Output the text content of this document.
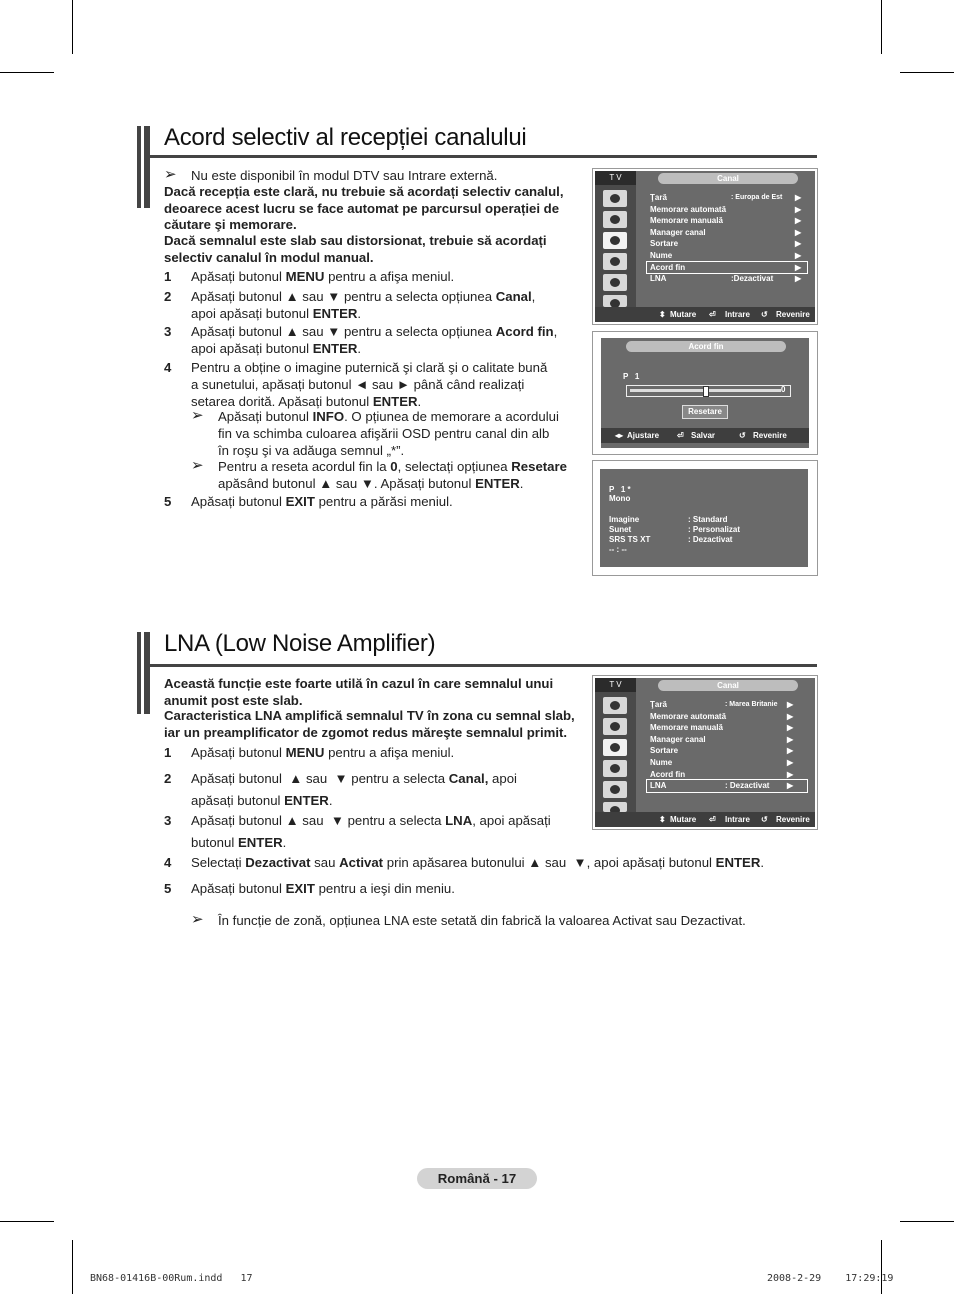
Acord selectiv al recepției canalului
➢ Nu este disponibil în modul DTV sau Intrare externă.
Dacă recepția este clară, nu trebuie să acordați selectiv canalul, deoarece acest lucru se face automat pe parcursul operației de căutare şi memorare.
Dacă semnalul este slab sau distorsionat, trebuie să acordați selectiv canalul în modul manual.
1 Apăsați butonul MENU pentru a afişa meniul.
2 Apăsați butonul ▲ sau ▼ pentru a selecta opțiunea Canal,
apoi apăsați butonul ENTER.
3 Apăsați butonul ▲ sau ▼ pentru a selecta opțiunea Acord fin,
apoi apăsați butonul ENTER.
4 Pentru a obține o imagine puternică şi clară şi o calitate bună
a sunetului, apăsați butonul ◄ sau ► până când realizați
setarea dorită. Apăsați butonul ENTER.
➢ Apăsați butonul INFO. O pțiunea de memorare a acordului
fin va schimba culoarea afişării OSD pentru canal din alb
în roşu şi va adăuga semnul „*”.
➢ Pentru a reseta acordul fin la 0, selectați opțiunea Resetare
apăsând butonul ▲ sau ▼. Apăsați butonul ENTER.
5 Apăsați butonul EXIT pentru a părăsi meniul.
T V	Canal
⬍ Mutare ⏎ Intrare ↺ Revenire
Ţară	: Europa de Est ▶
Memorare automată	▶
Memorare manuală	▶
Manager canal	▶
Sortare	▶
Nume	▶
Acord fin	▶
LNA	:Dezactivat	▶
Acord fin
P   1
0
Resetare
◂▸ Ajustare ⏎ Salvar	↺ Revenire
P   1 *
Mono
-- : --
Imagine	: Standard
Sunet	: Personalizat
SRS TS XT	: Dezactivat
LNA (Low Noise Amplifier)
Această funcție este foarte utilă în cazul în care semnalul unui anumit post este slab.
Caracteristica LNA amplifică semnalul TV în zona cu semnal slab, iar un preamplificator de zgomot redus măreşte semnalul primit.
1 Apăsați butonul MENU pentru a afişa meniul.
2 Apăsați butonul  ▲ sau  ▼ pentru a selecta Canal, apoi
apăsați butonul ENTER.
3 Apăsați butonul ▲ sau  ▼ pentru a selecta LNA, apoi apăsați
butonul ENTER.
4 Selectați Dezactivat sau Activat prin apăsarea butonului ▲ sau  ▼, apoi apăsați butonul ENTER.
5 Apăsați butonul EXIT pentru a ieşi din meniu.
➢ În funcție de zonă, opțiunea LNA este setată din fabrică la valoarea Activat sau Dezactivat.
T V	Canal
⬍ Mutare ⏎ Intrare ↺ Revenire
Ţară	: Marea Britanie ▶
Memorare automată	▶
Memorare manuală	▶
Manager canal	▶
Sortare	▶
Nume	▶
Acord fin	▶
LNA	: Dezactivat ▶
Română - 17
BN68-01416B-00Rum.indd   17	2008-2-29    17:29:19
